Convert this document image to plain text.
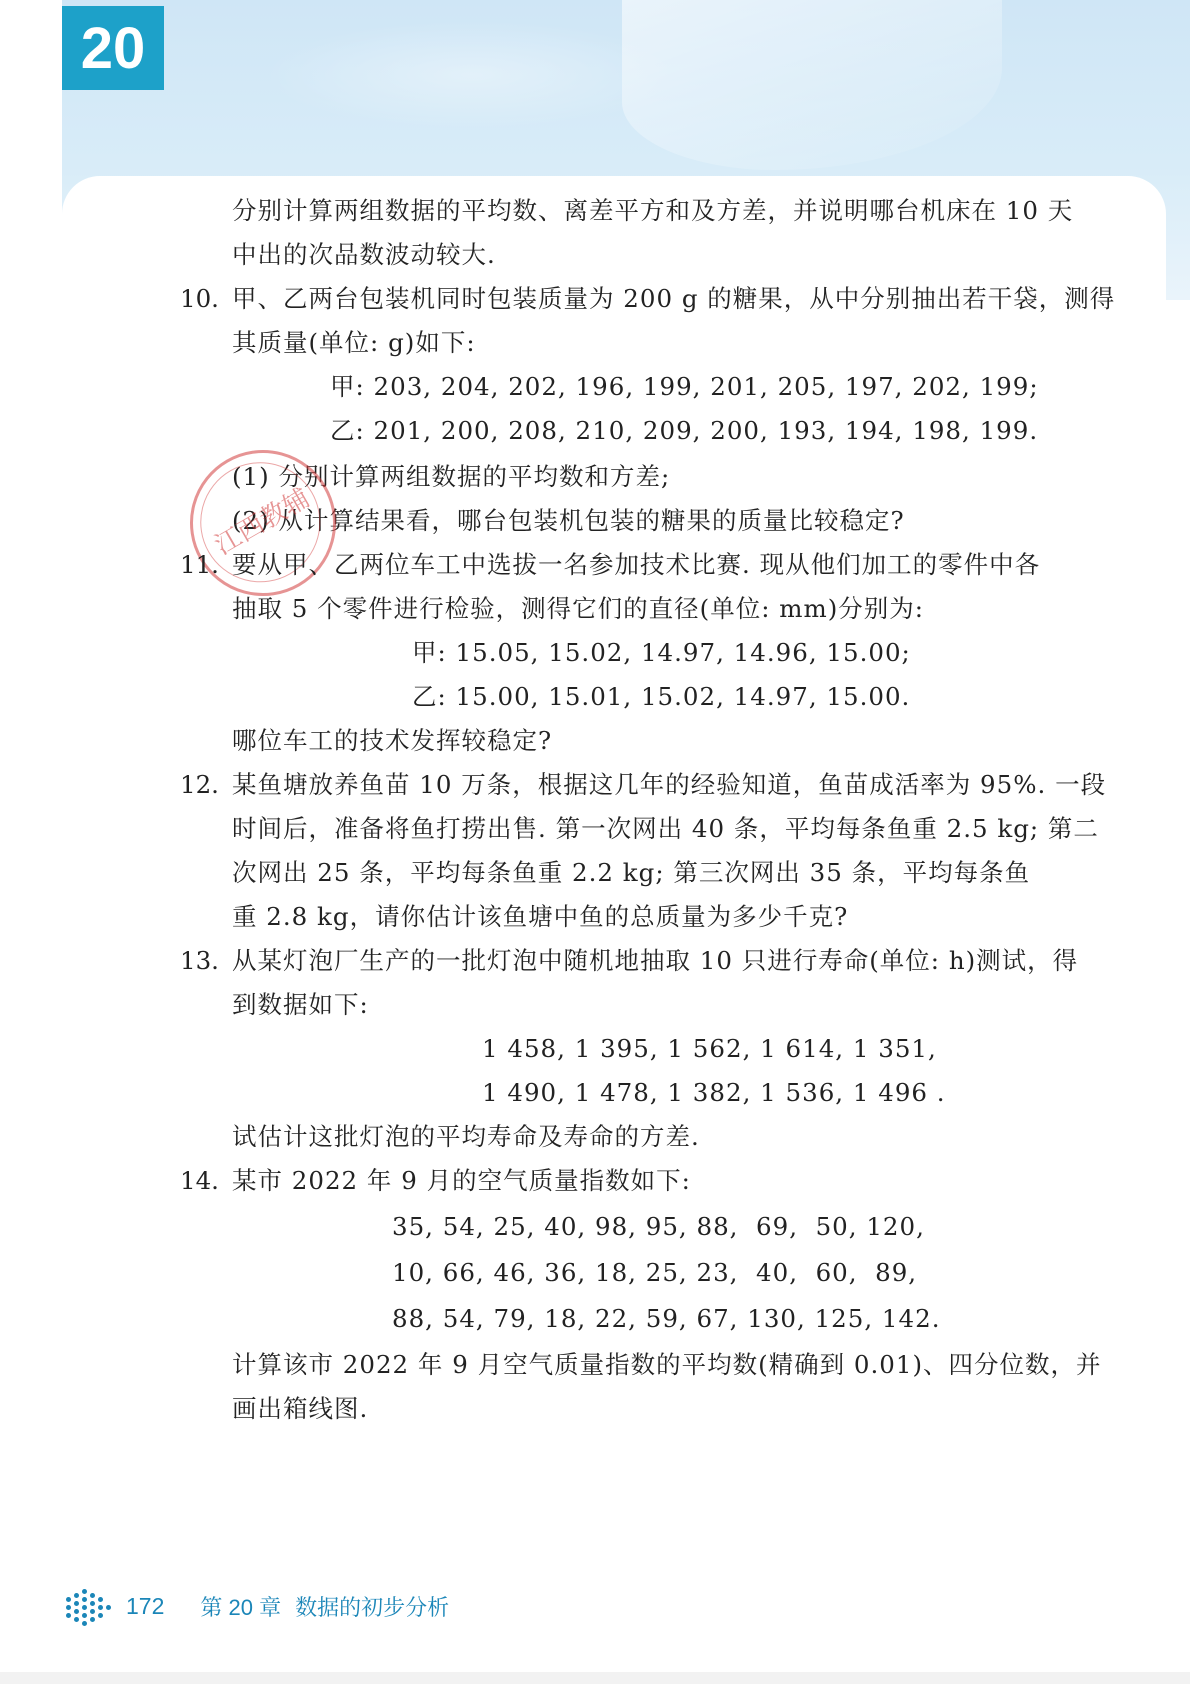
20
分别计算两组数据的平均数、离差平方和及方差，并说明哪台机床在 10 天
中出的次品数波动较大.
10. 甲、乙两台包装机同时包装质量为 200 g 的糖果，从中分别抽出若干袋，测得
其质量(单位: g)如下:
甲: 203, 204, 202, 196, 199, 201, 205, 197, 202, 199;
乙: 201, 200, 208, 210, 209, 200, 193, 194, 198, 199.
(1) 分别计算两组数据的平均数和方差;
(2) 从计算结果看，哪台包装机包装的糖果的质量比较稳定?
江西教辅
11. 要从甲、乙两位车工中选拔一名参加技术比赛. 现从他们加工的零件中各
抽取 5 个零件进行检验，测得它们的直径(单位: mm)分别为:
甲: 15.05, 15.02, 14.97, 14.96, 15.00;
乙: 15.00, 15.01, 15.02, 14.97, 15.00.
哪位车工的技术发挥较稳定?
12. 某鱼塘放养鱼苗 10 万条，根据这几年的经验知道，鱼苗成活率为 95%. 一段
时间后，准备将鱼打捞出售. 第一次网出 40 条，平均每条鱼重 2.5 kg; 第二
次网出 25 条，平均每条鱼重 2.2 kg; 第三次网出 35 条，平均每条鱼
重 2.8 kg，请你估计该鱼塘中鱼的总质量为多少千克?
13. 从某灯泡厂生产的一批灯泡中随机地抽取 10 只进行寿命(单位: h)测试，得
到数据如下:
1 458, 1 395, 1 562, 1 614, 1 351,
1 490, 1 478, 1 382, 1 536, 1 496 .
试估计这批灯泡的平均寿命及寿命的方差.
14. 某市 2022 年 9 月的空气质量指数如下:
35, 54, 25, 40, 98, 95, 88,  69,  50, 120,
10, 66, 46, 36, 18, 25, 23,  40,  60,  89,
88, 54, 79, 18, 22, 59, 67, 130, 125, 142.
计算该市 2022 年 9 月空气质量指数的平均数(精确到 0.01)、四分位数，并
画出箱线图.
172 第 20 章 数据的初步分析
